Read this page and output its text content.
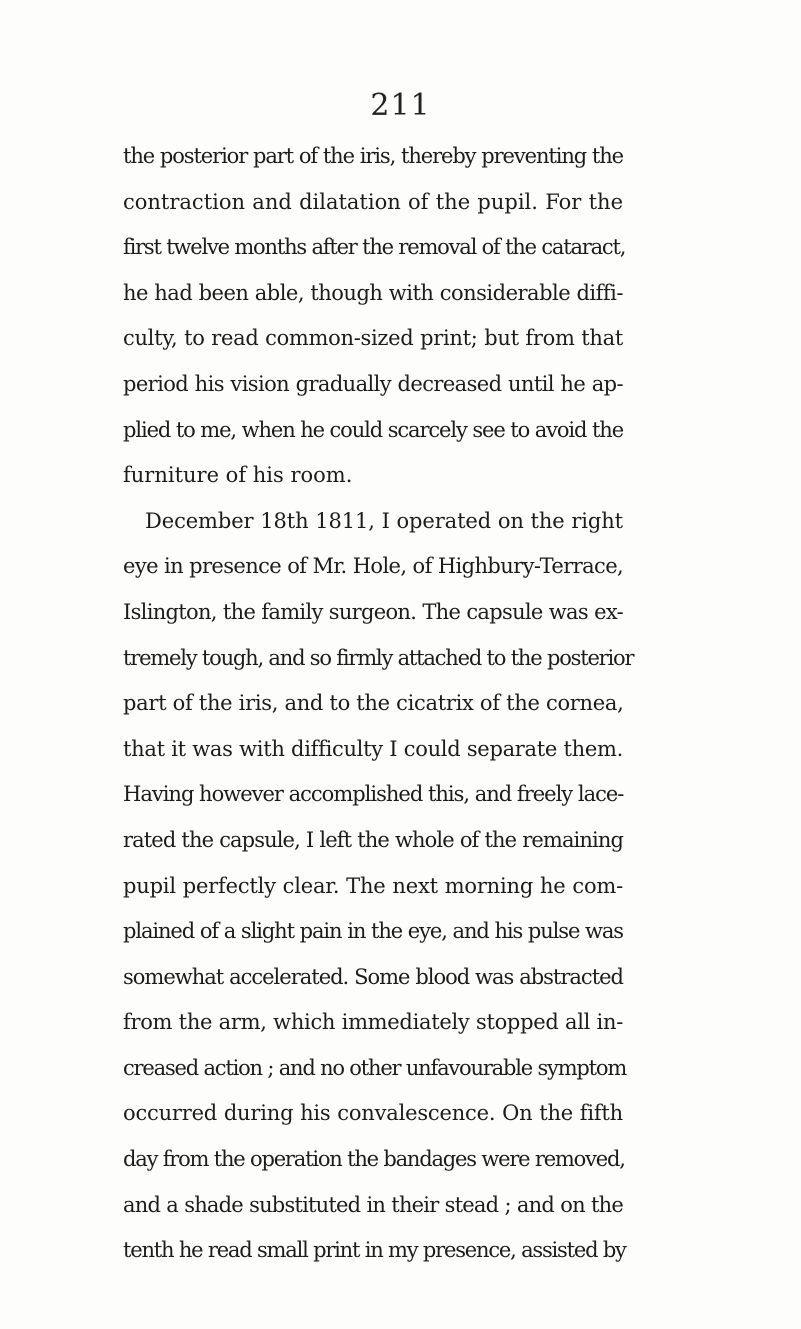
211
the posterior part of the iris, thereby preventing the
contraction and dilatation of the pupil. For the
first twelve months after the removal of the cataract,
he had been able, though with considerable diffi-
culty, to read common-sized print; but from that
period his vision gradually decreased until he ap-
plied to me, when he could scarcely see to avoid the
furniture of his room.
December 18th 1811, I operated on the right
eye in presence of Mr. Hole, of Highbury-Terrace,
Islington, the family surgeon. The capsule was ex-
tremely tough, and so firmly attached to the posterior
part of the iris, and to the cicatrix of the cornea,
that it was with difficulty I could separate them.
Having however accomplished this, and freely lace-
rated the capsule, I left the whole of the remaining
pupil perfectly clear. The next morning he com-
plained of a slight pain in the eye, and his pulse was
somewhat accelerated. Some blood was abstracted
from the arm, which immediately stopped all in-
creased action ; and no other unfavourable symptom
occurred during his convalescence. On the fifth
day from the operation the bandages were removed,
and a shade substituted in their stead ; and on the
tenth he read small print in my presence, assisted by
